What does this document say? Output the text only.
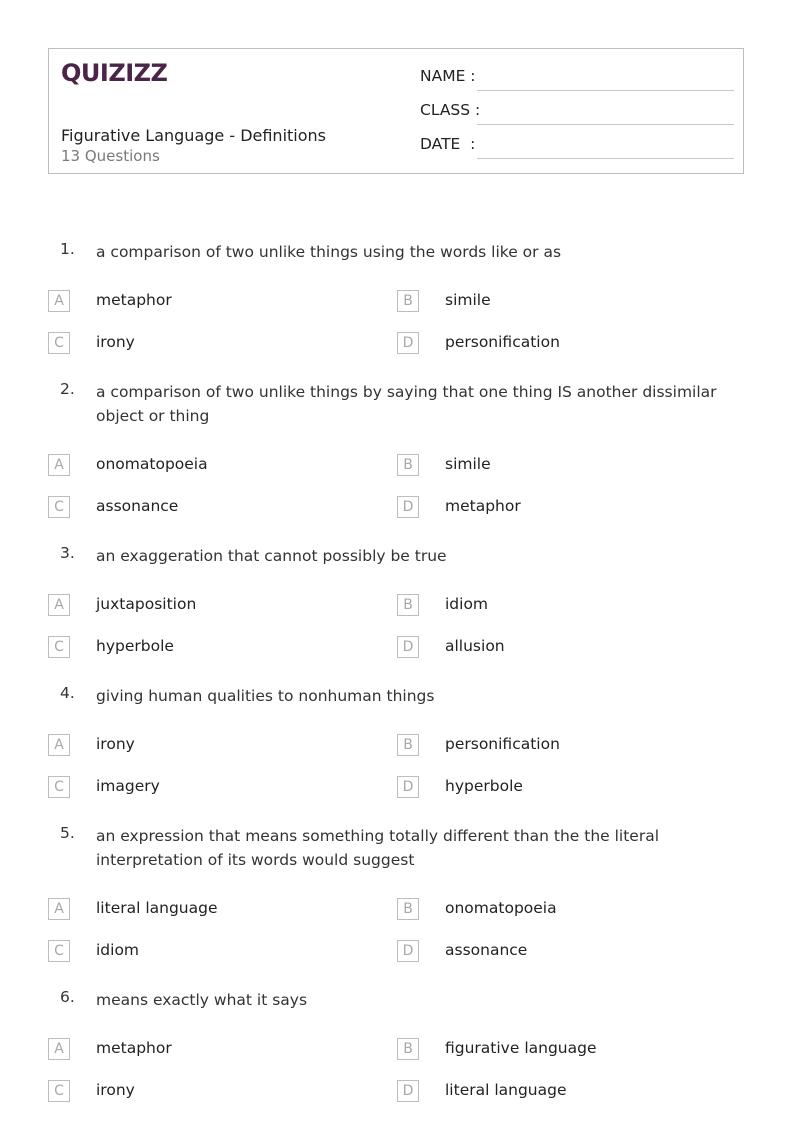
QUIZIZZ
Figurative Language - Definitions
13 Questions
NAME :
CLASS :
DATE  :
1. a comparison of two unlike things using the words like or as
A	metaphor	B	simile
C	irony	D	personification
2. a comparison of two unlike things by saying that one thing IS another dissimilar object or thing
A	onomatopoeia	B	simile
C	assonance	D	metaphor
3. an exaggeration that cannot possibly be true
A	juxtaposition	B	idiom
C	hyperbole	D	allusion
4. giving human qualities to nonhuman things
A	irony	B	personification
C	imagery	D	hyperbole
5. an expression that means something totally different than the the literal interpretation of its words would suggest
A	literal language	B	onomatopoeia
C	idiom	D	assonance
6. means exactly what it says
A	metaphor	B	figurative language
C	irony	D	literal language
